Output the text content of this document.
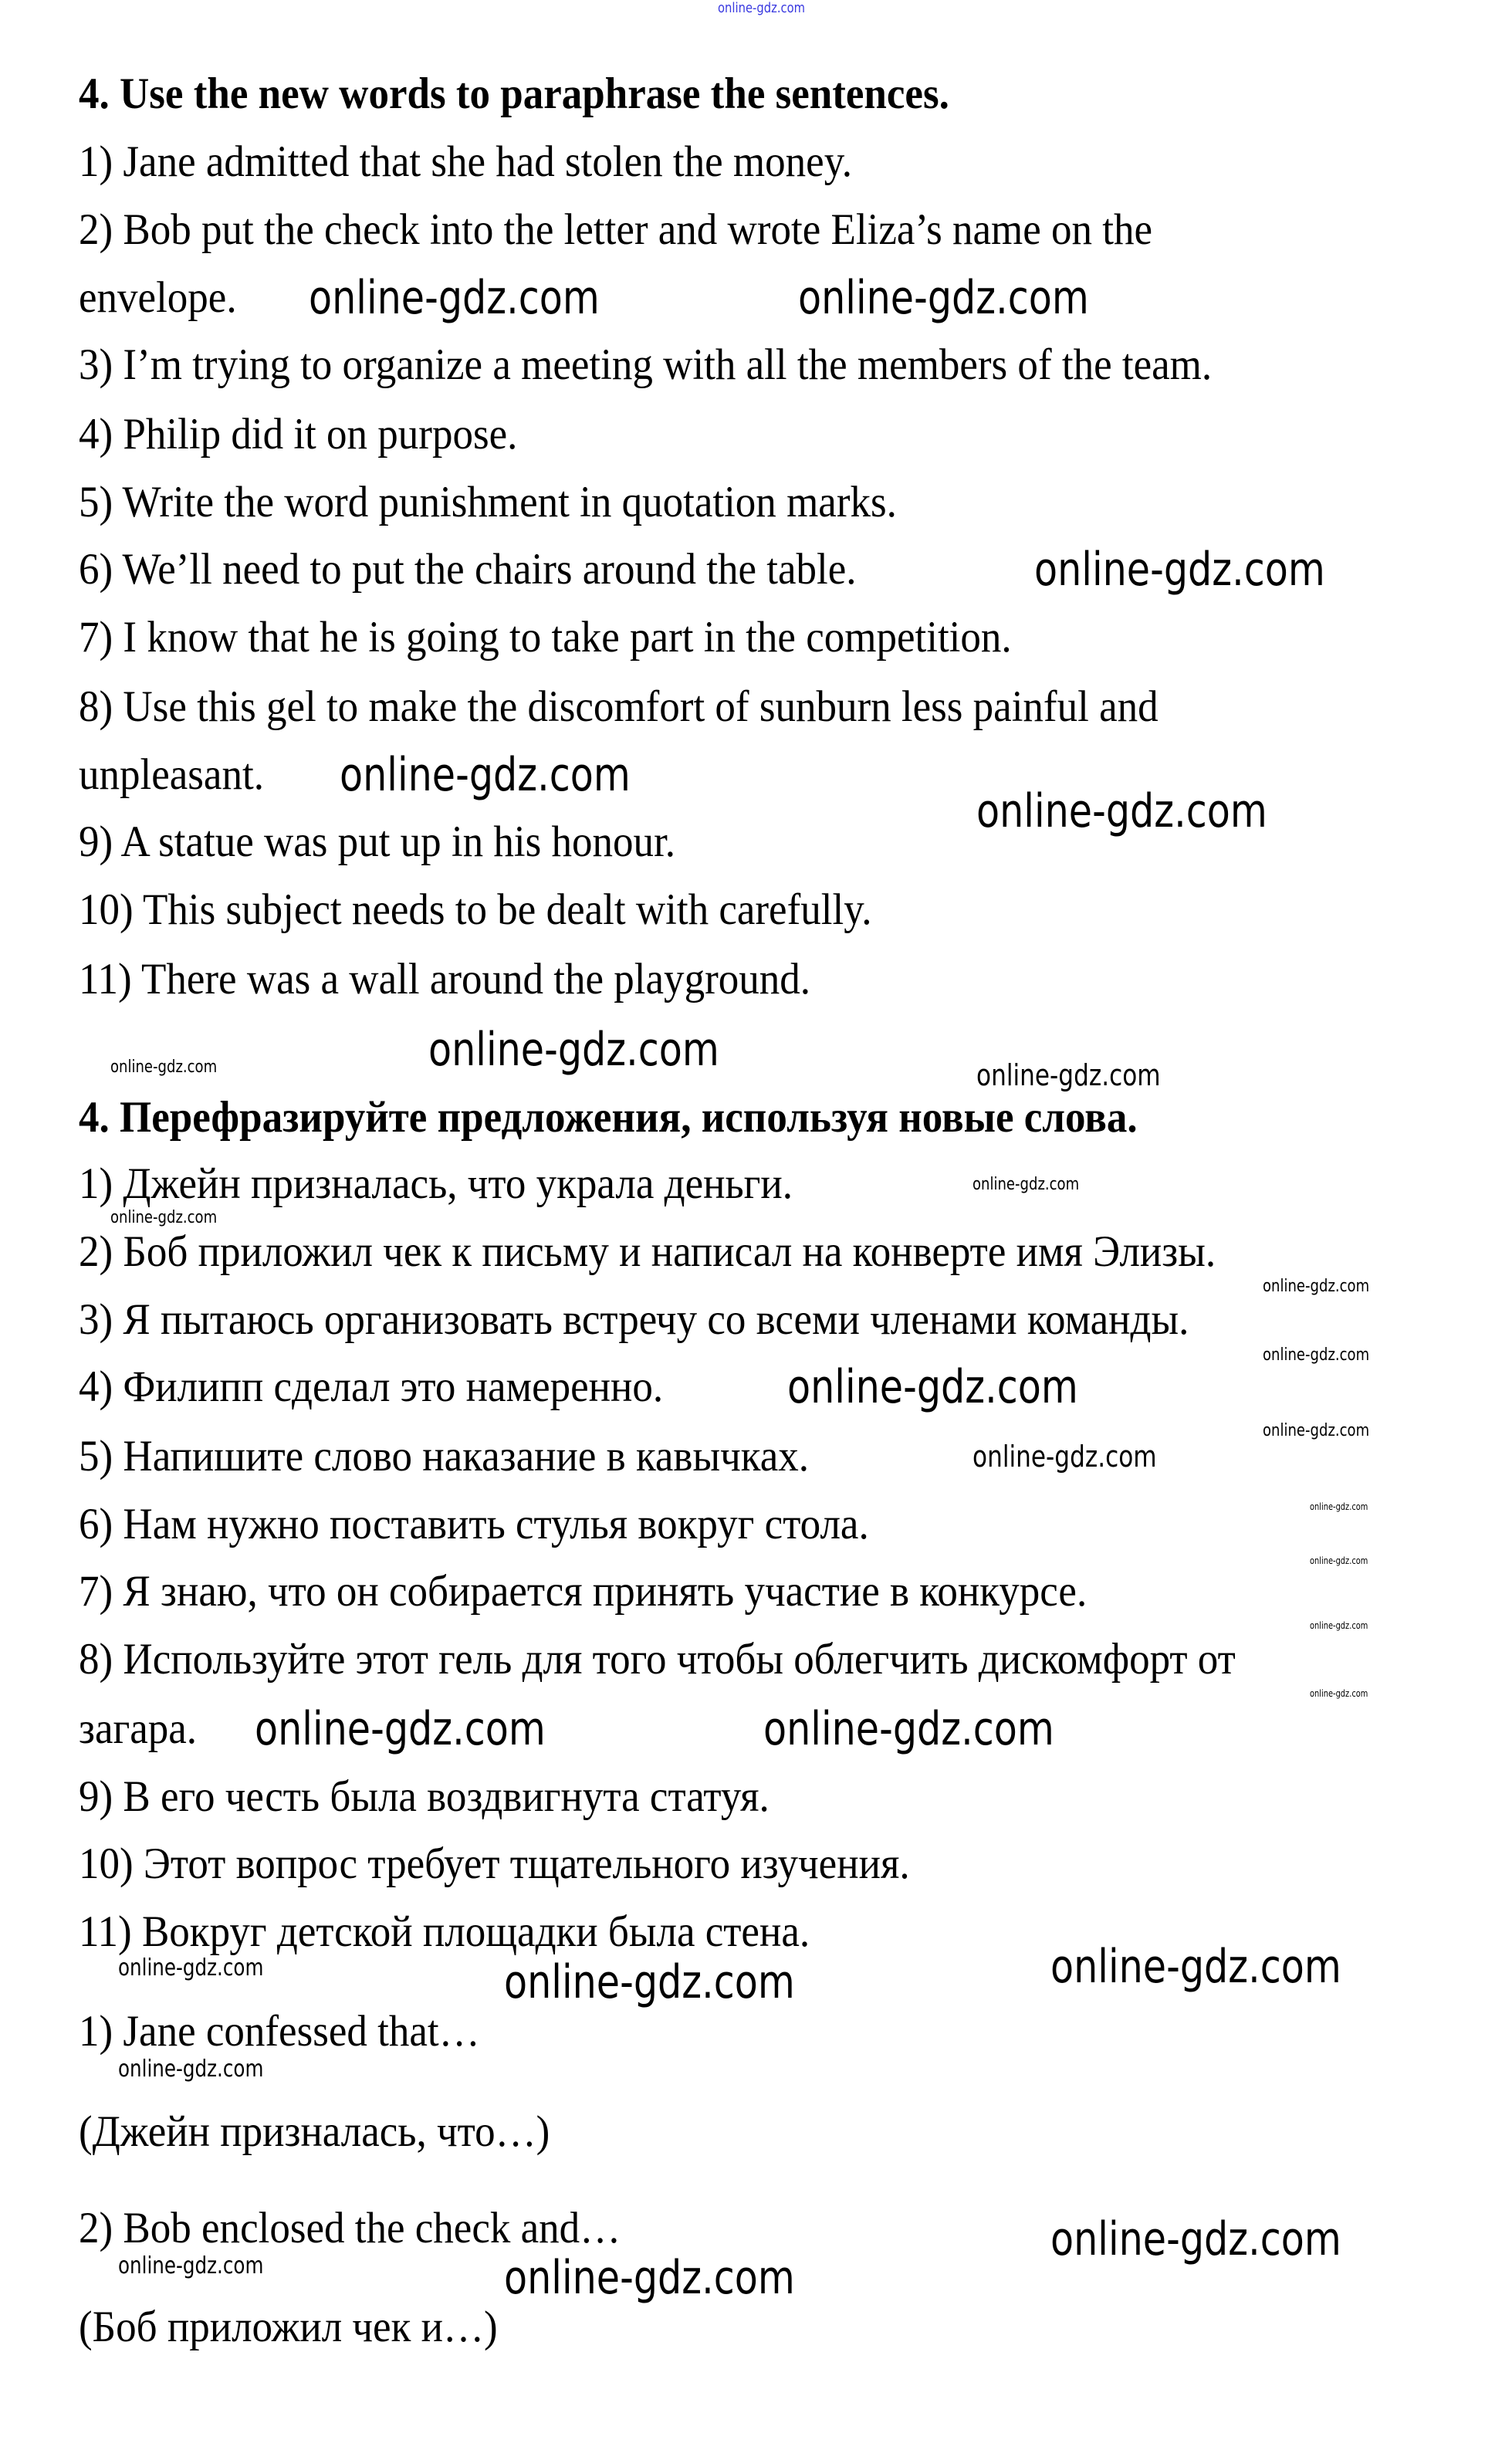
online-gdz.com
4. Use the new words to paraphrase the sentences.
1) Jane admitted that she had stolen the money.
2) Bob put the check into the letter and wrote Eliza’s name on the
envelope.
3) I’m trying to organize a meeting with all the members of the team.
4) Philip did it on purpose.
5) Write the word punishment in quotation marks.
6) We’ll need to put the chairs around the table.
7) I know that he is going to take part in the competition.
8) Use this gel to make the discomfort of sunburn less painful and
unpleasant.
9) A statue was put up in his honour.
10) This subject needs to be dealt with carefully.
11) There was a wall around the playground.
4. Перефразируйте предложения, используя новые слова.
1) Джейн призналась, что украла деньги.
2) Боб приложил чек к письму и написал на конверте имя Элизы.
3) Я пытаюсь организовать встречу со всеми членами команды.
4) Филипп сделал это намеренно.
5) Напишите слово наказание в кавычках.
6) Нам нужно поставить стулья вокруг стола.
7) Я знаю, что он собирается принять участие в конкурсе.
8) Используйте этот гель для того чтобы облегчить дискомфорт от
загара.
9) В его честь была воздвигнута статуя.
10) Этот вопрос требует тщательного изучения.
11) Вокруг детской площадки была стена.
1) Jane confessed that…
(Джейн призналась, что…)
2) Bob enclosed the check and…
(Боб приложил чек и…)
online-gdz.com
online-gdz.com
online-gdz.com
online-gdz.com
online-gdz.com
online-gdz.com
online-gdz.com
online-gdz.com	online-gdz.com
online-gdz.com	online-gdz.com
online-gdz.com
online-gdz.com
online-gdz.com
online-gdz.com
online-gdz.com
online-gdz.com
online-gdz.com
online-gdz.com
online-gdz.com
online-gdz.com
online-gdz.com
online-gdz.com
online-gdz.com
online-gdz.com
online-gdz.com
online-gdz.com
online-gdz.com
